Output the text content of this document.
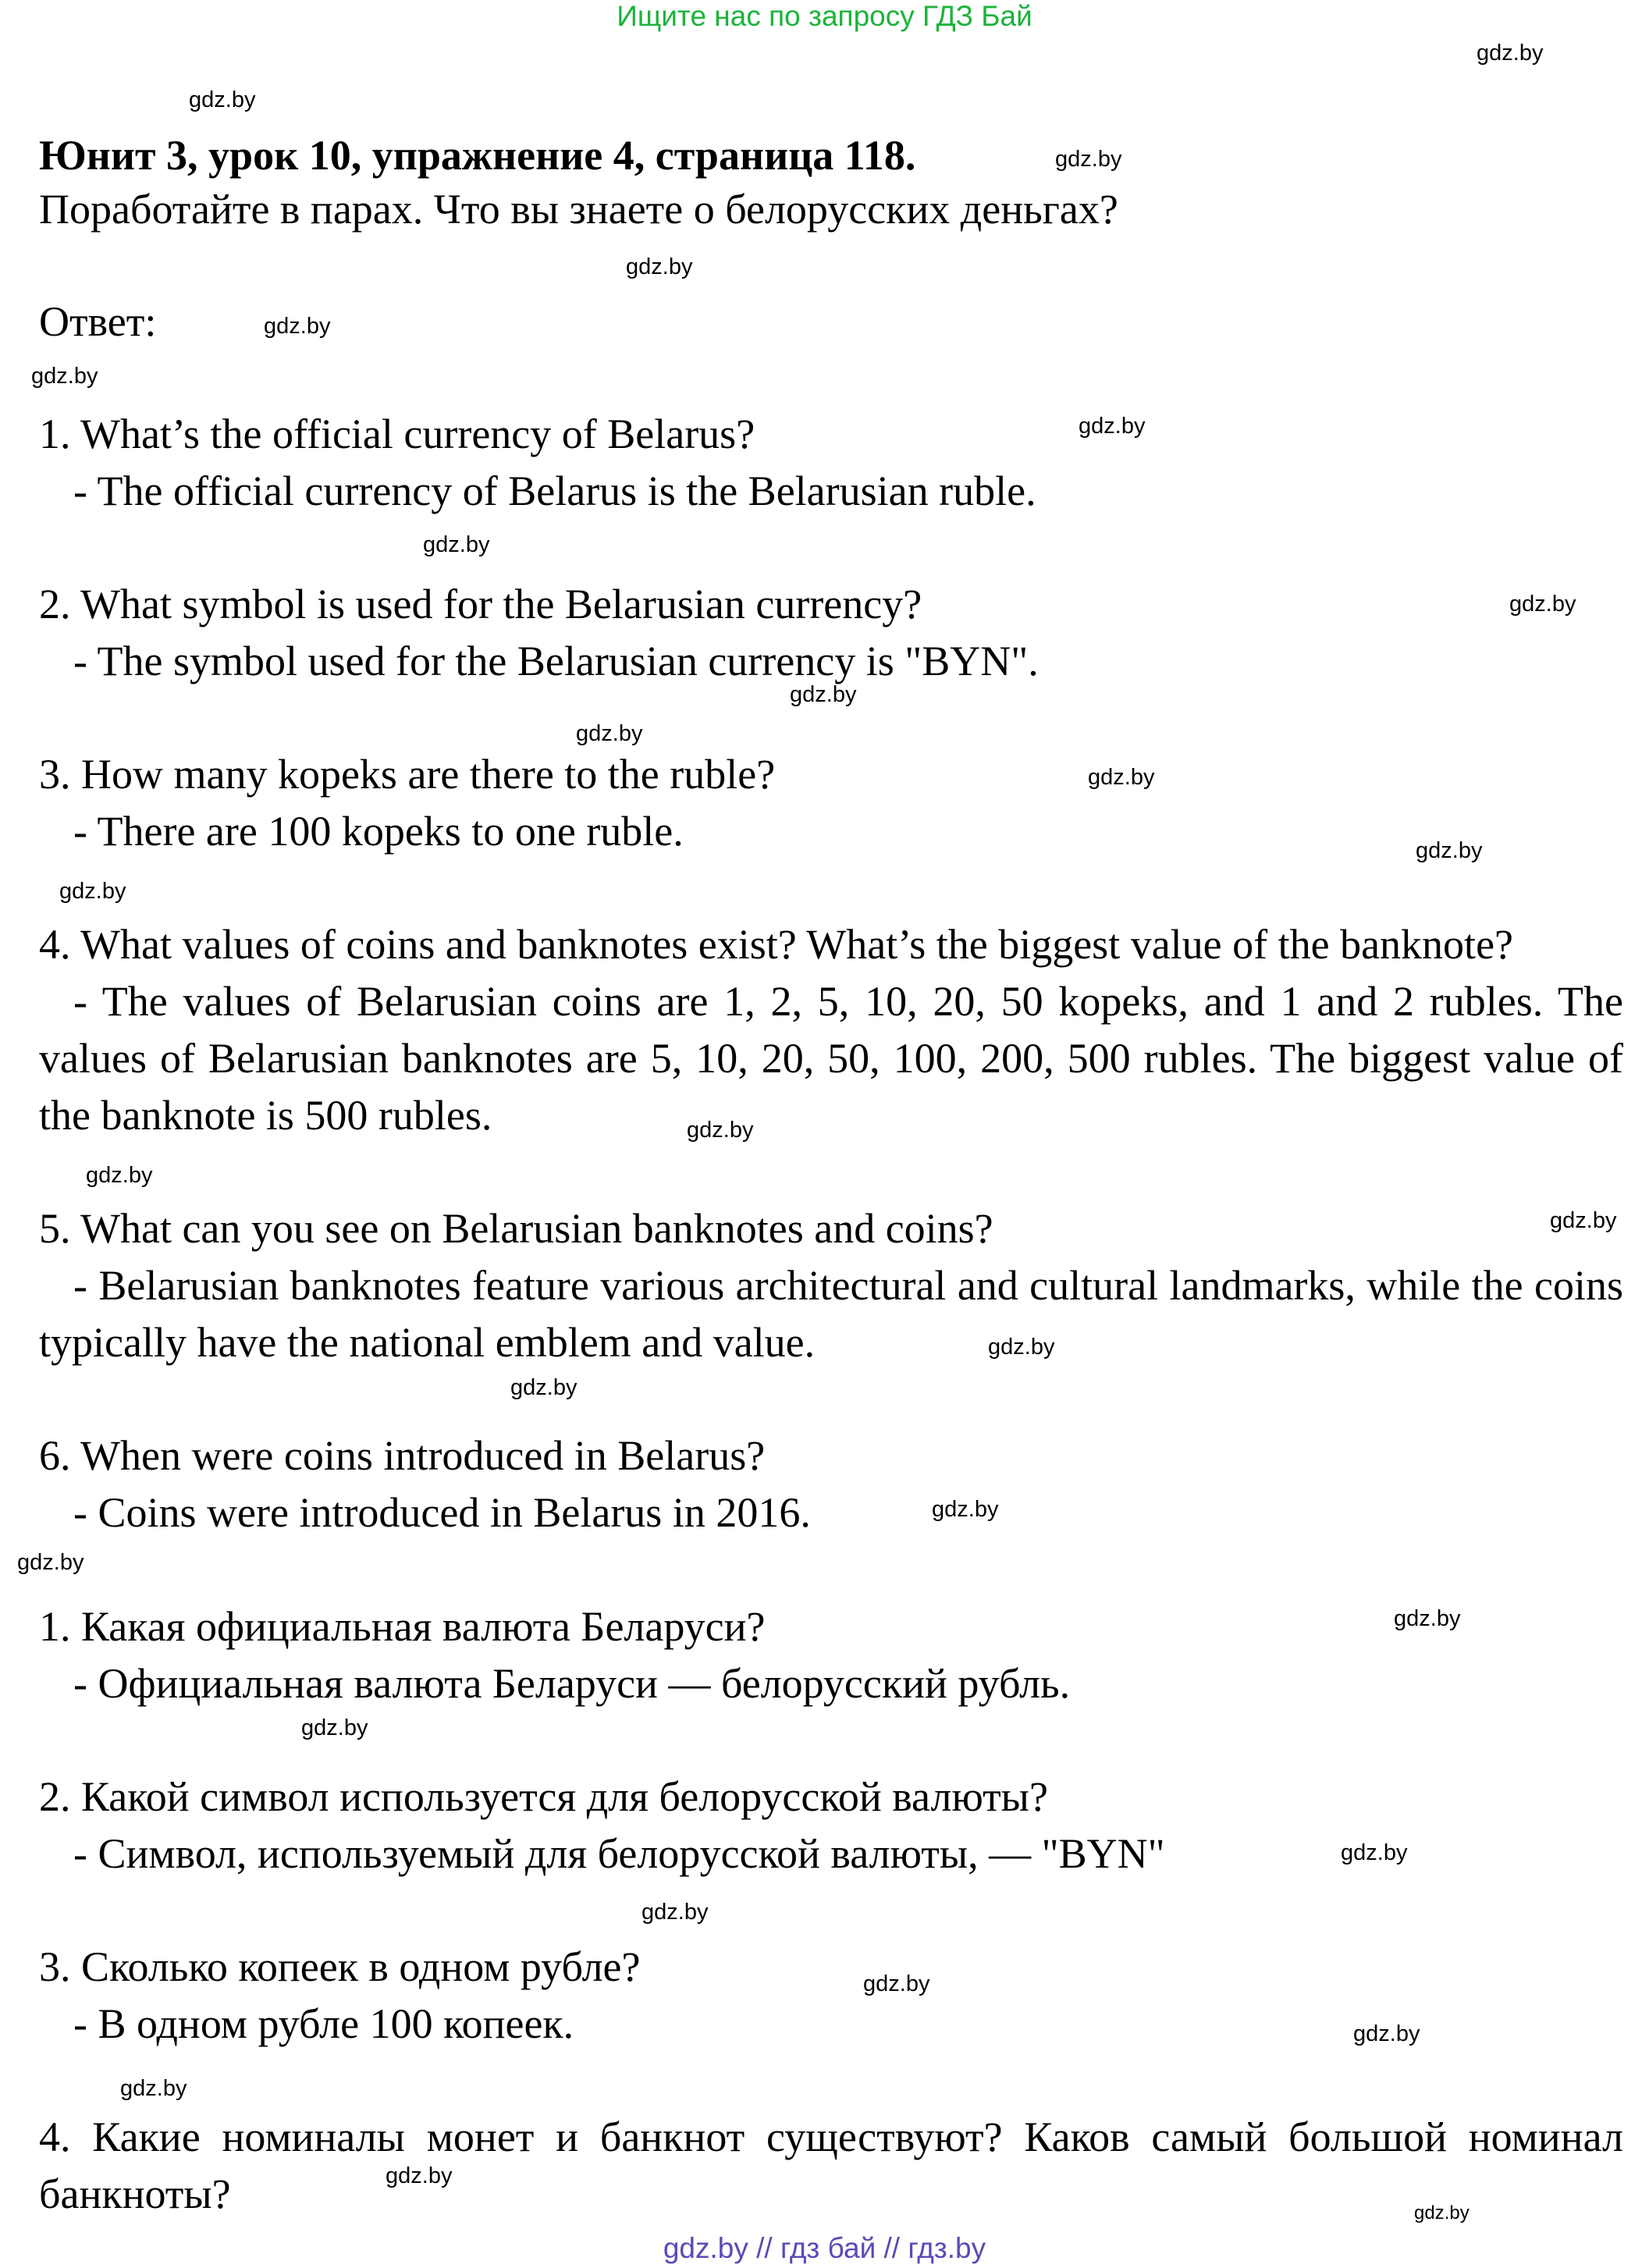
Ищите нас по запросу ГДЗ Бай
gdz.by
gdz.by
gdz.by
gdz.by
gdz.by
gdz.by
gdz.by
gdz.by
gdz.by
gdz.by
gdz.by
gdz.by
gdz.by
gdz.by
gdz.by
gdz.by
gdz.by
gdz.by
gdz.by
gdz.by
gdz.by
gdz.by
gdz.by
gdz.by
gdz.by
gdz.by
gdz.by
gdz.by
gdz.by
gdz.by
Юнит 3, урок 10, упражнение 4, страница 118.
Поработайте в парах. Что вы знаете о белорусских деньгах?
Ответ:
1. What’s the official currency of Belarus?
- The official currency of Belarus is the Belarusian ruble.
2. What symbol is used for the Belarusian currency?
- The symbol used for the Belarusian currency is "BYN".
3. How many kopeks are there to the ruble?
- There are 100 kopeks to one ruble.
4. What values of coins and banknotes exist? What’s the biggest value of the banknote?
- The values of Belarusian coins are 1, 2, 5, 10, 20, 50 kopeks, and 1 and 2 rubles. The values of Belarusian banknotes are 5, 10, 20, 50, 100, 200, 500 rubles. The biggest value of the banknote is 500 rubles.
5. What can you see on Belarusian banknotes and coins?
- Belarusian banknotes feature various architectural and cultural landmarks, while the coins typically have the national emblem and value.
6. When were coins introduced in Belarus?
- Coins were introduced in Belarus in 2016.
1. Какая официальная валюта Беларуси?
- Официальная валюта Беларуси — белорусский рубль.
2. Какой символ используется для белорусской валюты?
- Символ, используемый для белорусской валюты, — "BYN"
3. Сколько копеек в одном рубле?
- В одном рубле 100 копеек.
4. Какие номиналы монет и банкнот существуют? Каков самый большой номинал банкноты?
gdz.by // гдз бай // гдз.by
